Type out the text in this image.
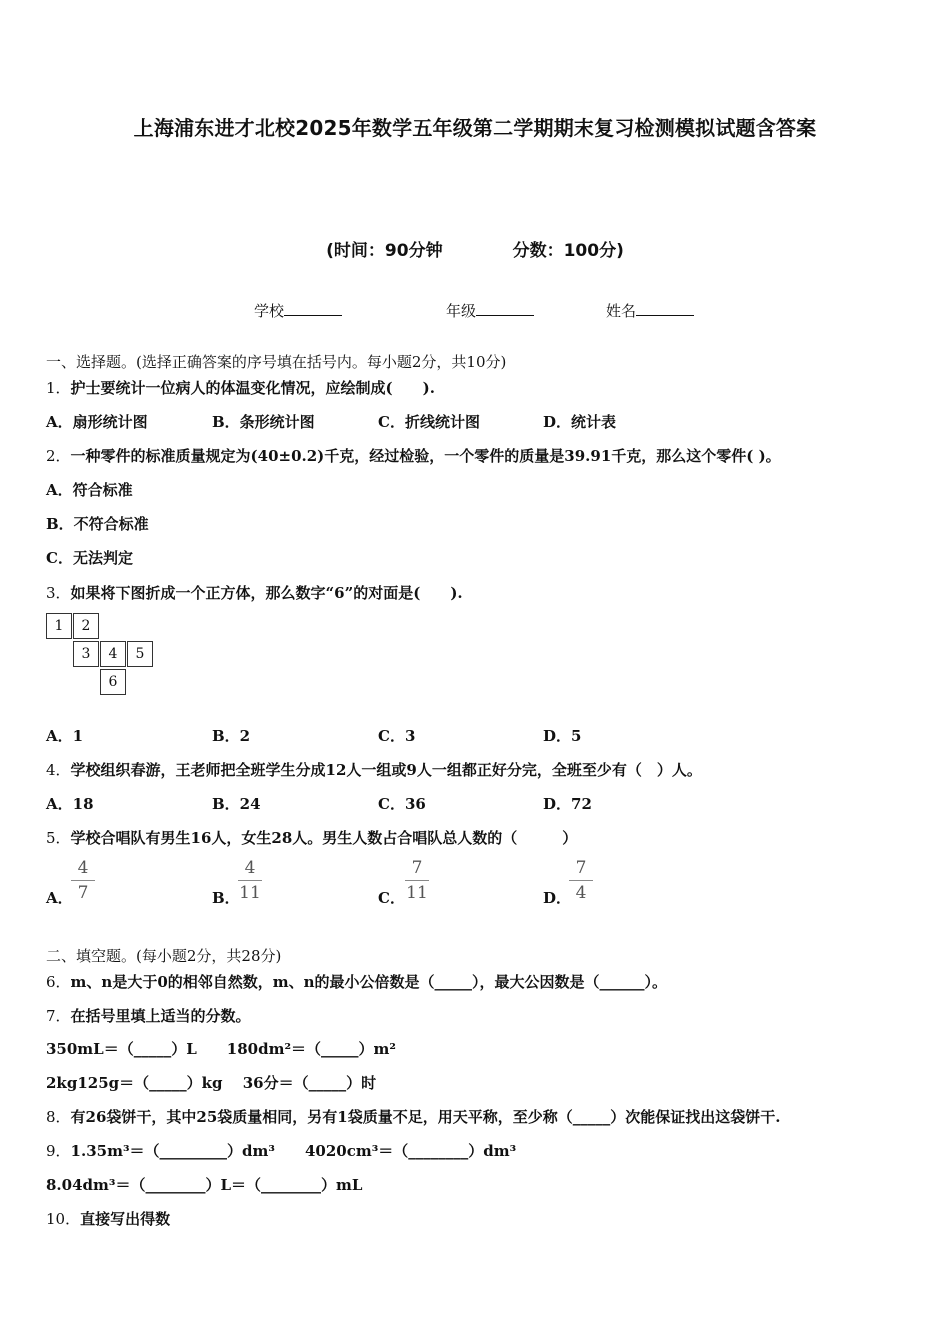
上海浦东进才北校2025年数学五年级第二学期期末复习检测模拟试题含答案
(时间：90分钟	分数：100分)
学校	年级	姓名
一、选择题。(选择正确答案的序号填在括号内。每小题2分，共10分)
1．护士要统计一位病人的体温变化情况，应绘制成(　　).
A．扇形统计图	B．条形统计图	C．折线统计图	D．统计表
2．一种零件的标准质量规定为(40±0.2)千克，经过检验，一个零件的质量是39.91千克，那么这个零件( )。
A．符合标准
B．不符合标准
C．无法判定
3．如果将下图折成一个正方体，那么数字“6”的对面是(　　).
1	2
3	4	5
6
A．1	B．2	C．3	D．5
4．学校组织春游，王老师把全班学生分成12人一组或9人一组都正好分完，全班至少有（　）人。
A．18	B．24	C．36	D．72
5．学校合唱队有男生16人，女生28人。男生人数占合唱队总人数的（　　　）
A．
4
7	B．
4
11	C．
7
11	D．
7
4
二、填空题。(每小题2分，共28分)
6．m、n是大于0的相邻自然数，m、n的最小公倍数是（_____），最大公因数是（______）。
7．在括号里填上适当的分数。
350mL＝（_____）L　　180dm²＝（_____）m²
2kg125g＝（_____）kg　 36分＝（_____）时
8．有26袋饼干，其中25袋质量相同，另有1袋质量不足，用天平称，至少称（_____）次能保证找出这袋饼干.
9．1.35m³＝（_________）dm³　　4020cm³＝（________）dm³
8.04dm³＝（________）L＝（________）mL
10．直接写出得数
